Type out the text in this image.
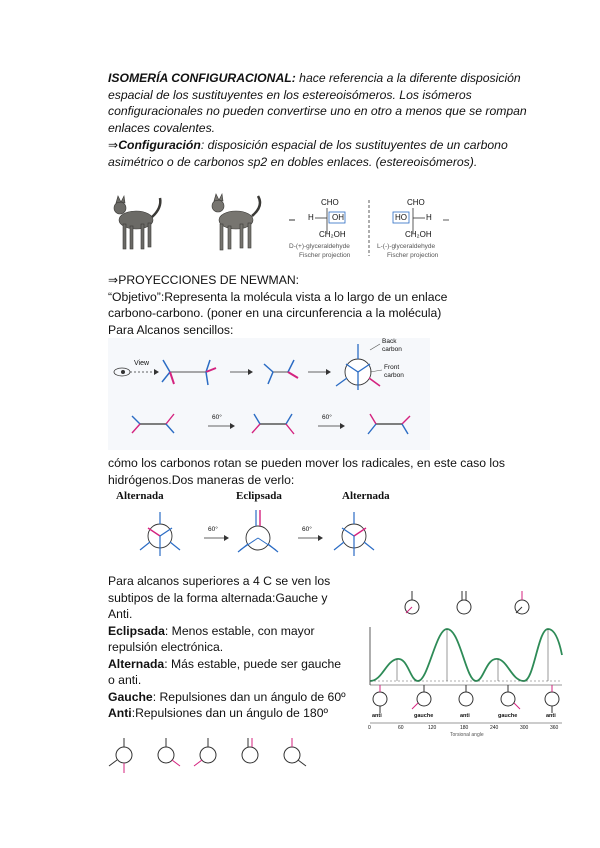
ISOMERÍA CONFIGURACIONAL: hace referencia a la diferente disposición espacial de los sustituyentes en los estereoisómeros. Los isómeros configuracionales no pueden convertirse uno en otro a menos que se rompan enlaces covalentes.
⇒Configuración: disposición espacial de los sustituyentes de un carbono asimétrico o de carbonos sp2 en dobles enlaces. (estereoisómeros).
CHO
H OH
CH₂OH
D-(+)-glyceraldehyde
Fischer projection
CHO
HO H
CH₂OH
L-(-)-glyceraldehyde
Fischer projection
⇒PROYECCIONES DE NEWMAN:
“Objetivo”:Representa la molécula vista a lo largo de un enlace
carbono-carbono. (poner en una circunferencia a la molécula)
Para Alcanos sencillos:
View
Back
carbon
Front
carbon
60°	60°
cómo los carbonos rotan se pueden mover los radicales, en este caso los
hidrógenos.Dos maneras de verlo:
Alternada	Eclipsada	Alternada
60°	60°
Para alcanos superiores a 4 C se ven los
subtipos de la forma alternada:Gauche y
Anti.
Eclipsada: Menos estable, con mayor
repulsión electrónica.
Alternada: Más estable, puede ser gauche
o anti.
Gauche: Repulsiones dan un ángulo de 60º
Anti:Repulsiones dan un ángulo de 180º	anti	gauche	anti	gauche	anti
0	60	120	180	240	300	360
Torsional angle
